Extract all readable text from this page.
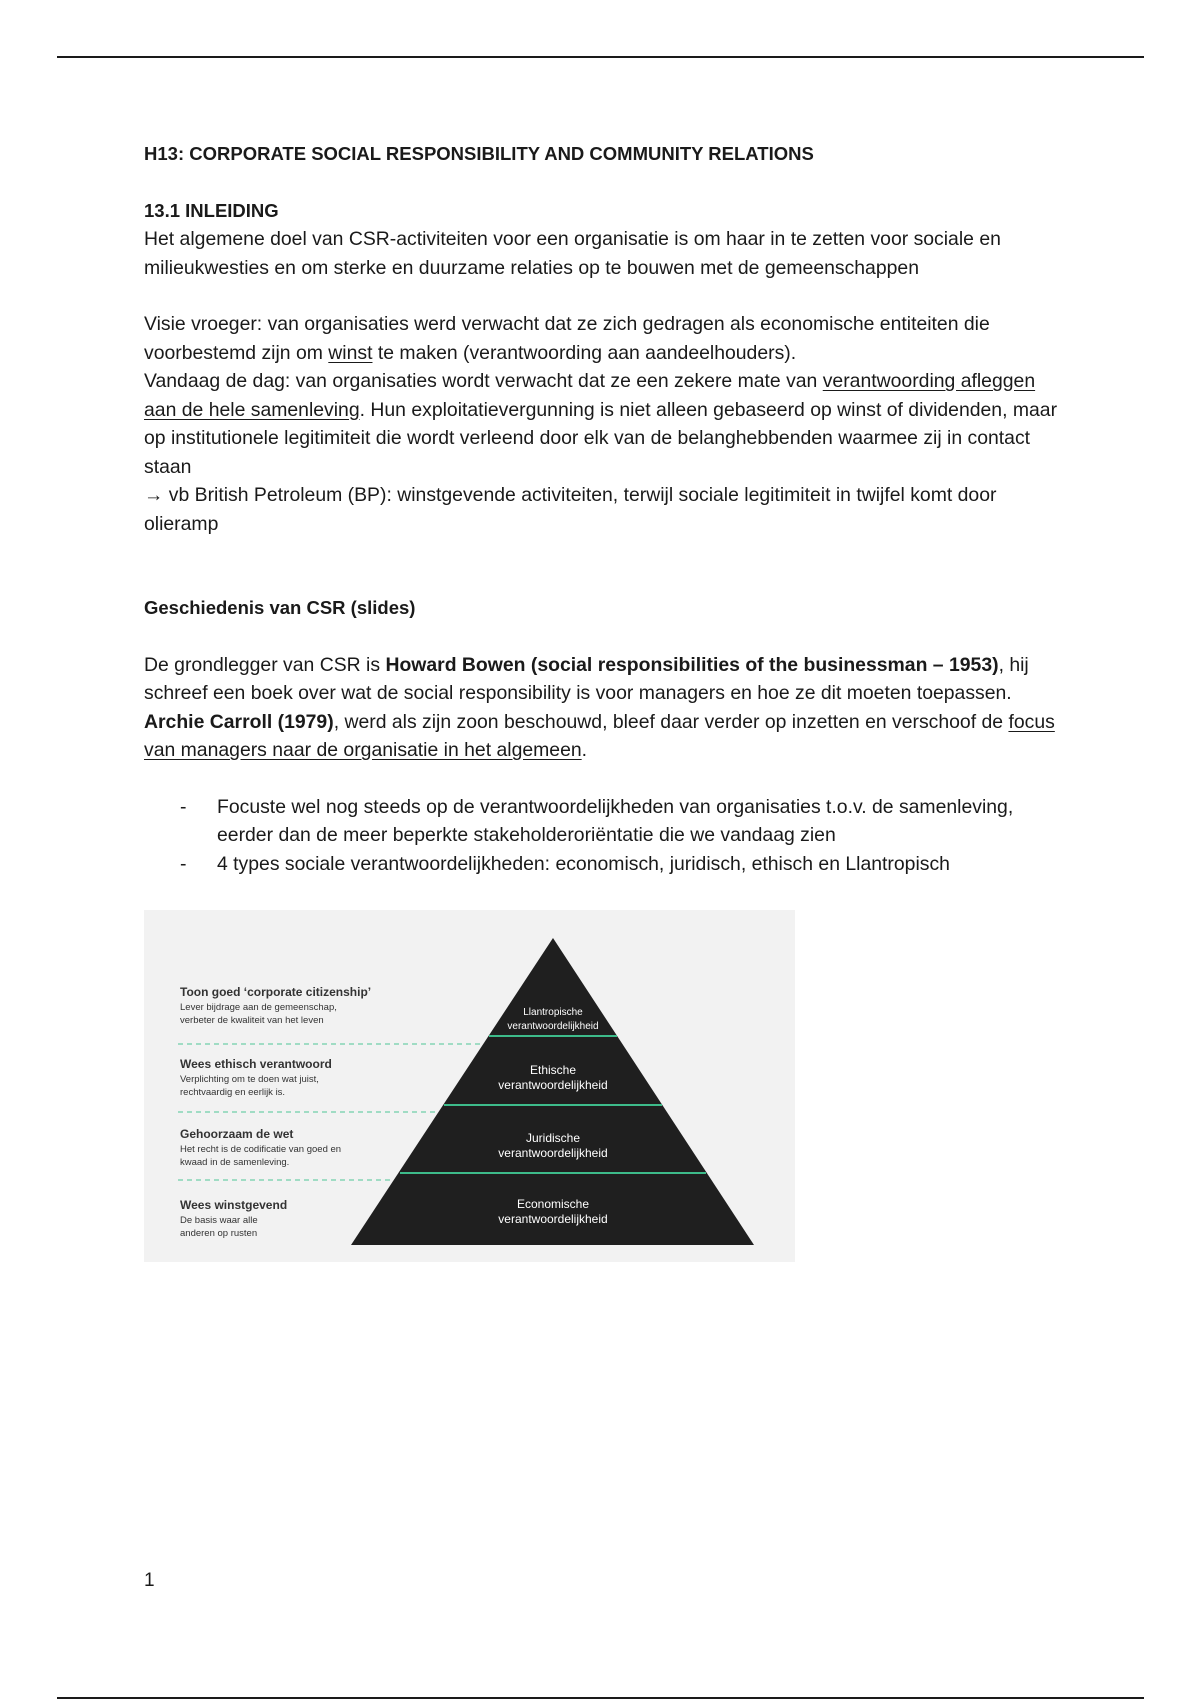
H13: CORPORATE SOCIAL RESPONSIBILITY AND COMMUNITY RELATIONS

13.1 INLEIDING

Het algemene doel van CSR-activiteiten voor een organisatie is om haar in te zetten voor sociale en milieukwesties en om sterke en duurzame relaties op te bouwen met de gemeenschappen

Visie vroeger: van organisaties werd verwacht dat ze zich gedragen als economische entiteiten die voorbestemd zijn om winst te maken (verantwoording aan aandeelhouders).

Vandaag de dag: van organisaties wordt verwacht dat ze een zekere mate van verantwoording afleggen aan de hele samenleving. Hun exploitatievergunning is niet alleen gebaseerd op winst of dividenden, maar op institutionele legitimiteit die wordt verleend door elk van de belanghebbenden waarmee zij in contact staan

→ vb British Petroleum (BP): winstgevende activiteiten, terwijl sociale legitimiteit in twijfel komt door olieramp

Geschiedenis van CSR (slides)

De grondlegger van CSR is Howard Bowen (social responsibilities of the businessman – 1953), hij schreef een boek over wat de social responsibility is voor managers en hoe ze dit moeten toepassen. Archie Carroll (1979), werd als zijn zoon beschouwd, bleef daar verder op inzetten en verschoof de focus van managers naar de organisatie in het algemeen.

- Focuste wel nog steeds op de verantwoordelijkheden van organisaties t.o.v. de samenleving, eerder dan de meer beperkte stakeholderoriëntatie die we vandaag zien
- 4 types sociale verantwoordelijkheden: economisch, juridisch, ethisch en Llantropisch
Llantropische
verantwoordelijkheid
Ethische
verantwoordelijkheid
Juridische
verantwoordelijkheid
Economische
verantwoordelijkheid
Toon goed ‘corporate citizenship’
Lever bijdrage aan de gemeenschap,
verbeter de kwaliteit van het leven
Wees ethisch verantwoord
Verplichting om te doen wat juist,
rechtvaardig en eerlijk is.
Gehoorzaam de wet
Het recht is de codificatie van goed en
kwaad in de samenleving.
Wees winstgevend
De basis waar alle
anderen op rusten
1
